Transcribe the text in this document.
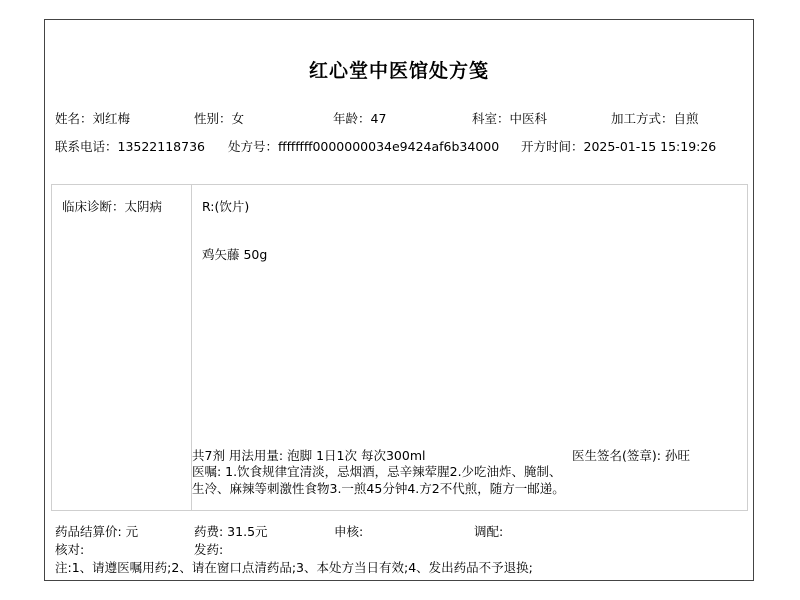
红心堂中医馆处方笺
姓名：刘红梅	性别：女	年龄：47	科室：中医科	加工方式：自煎
联系电话：13522118736 处方号：ffffffff0000000034e9424af6b34000 开方时间：2025-01-15 15:19:26
临床诊断：太阴病	R:(饮片)
鸡矢藤 50g
共7剂 用法用量: 泡脚 1日1次 每次300ml	医生签名(签章): 孙旺
医嘱: 1.饮食规律宜清淡，忌烟酒，忌辛辣荤腥2.少吃油炸、腌制、生冷、麻辣等刺激性食物3.一煎45分钟4.方2不代煎，随方一邮递。
药品结算价: 元	药费: 31.5元	申核:	调配:
核对:	发药:
注:1、请遵医嘱用药;2、请在窗口点清药品;3、本处方当日有效;4、发出药品不予退换;
